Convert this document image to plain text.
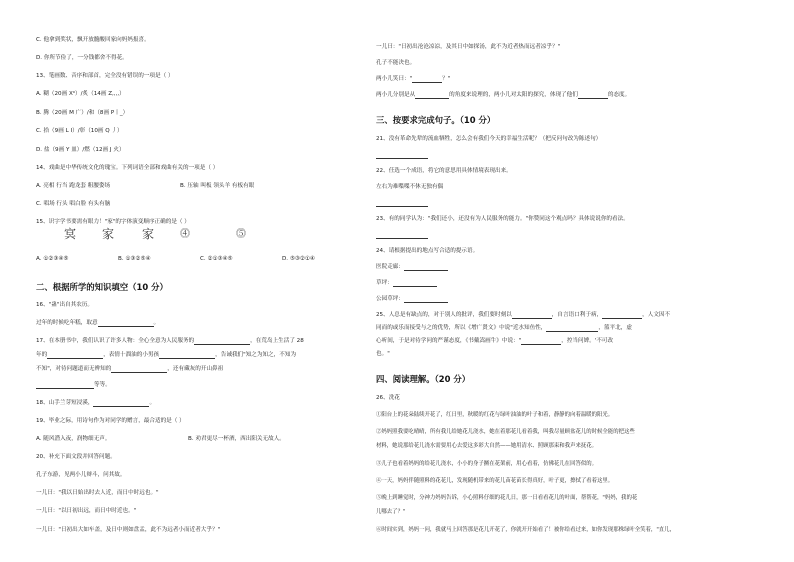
C. 他拿到奖状，飘开放髓酸回家向妈妈报喜。
D. 你所节俭了，一分钱都舍不得花。
13、笔画数、音序和部首，完全没有错误的一项是（ ）
A. 糊（20画 X⁰）/炙（14画 Z,,,,）
B. 腾（20画 M 广）/和（8画 P丨_）
C. 拾（9画 L I）/彰（10画 Q 丿）
D. 盐（9画 Y 皿）/燃（12画 J 火）
14、戏曲是中华传统文化的瑰宝。下列词语全部和戏曲有关的一项是（ ）
A. 亮相 行当 跑龙套 粗腰姿场	B. 压轴 叫板 领头羊 有板有眼
C. 唱场 行头 唱白脸 有头有脑
15、识字学书要需有眼力！"家"的字体演变顺序正确的是（ ）
㝠 家 家	⓸	⓹
A. ①②③④⑤	B. ①③②⑤④	C. ②①③④⑤	D. ⑤③②①④
二、根据所学的知识填空（10 分）
16、"蛊"出自其农历。
过年的时候吃年糕，取意	。
17、在本册书中，我们认识了许多人物：全心全意为人民服务的	，在荒岛上生活了 28
年的	，表情十溜油的小男孩	，告诫我们"知之为知之，不知为
不知"，对待问题道而无辨知的	，还有藏灰的开山鼻祖
等等。
18、山手兰芽短浸溪，	。
19、毕业之际，用诗句作为对同学的赠言，最合适的是（ ）
A. 随风潜入夜，润物细无声。	B. 劝君更尽一杯酒，西出阳关无故人。
20、补充下面文段并回答问题。
孔子东游，见两小儿辩斗，问其故。
一儿曰："我以日始出时去人近，而日中时远也。"
一儿曰："以日初出远，而日中时近也。"
一儿曰："日初出大如车盖，及日中则如盘盂，此不为远者小而近者大乎？"
一儿曰："日初出沧沧凉凉，及其日中如探汤，此不为近者热而远者凉乎？"
孔子不能决也。
两小儿笑曰："	？"
两小儿分别是从	的角度来说理的，两小儿对太阳的探究，体现了他们	的态度。
三、按要求完成句子。（10 分）
21、没有革命先辈的流血牺牲，怎么会有我们今天的幸福生活呢？（把反问句改为陈述句）
22、任选一个成语，将它的意思用具体情境表现出来。
左右为难喋喋不休无独有偶
23、有的同学认为："我们还小，还没有为人民服务的能力。"你赞同这个观点吗？具体说说你的看法。
24、请根据提出的地点写合适的提示语。
医院走廊：
草坪：
公园草坪：
25、人总是有缺点的，对于别人的批评，我们要时刻以	，自言语口利于病，	，人文因不
同而的或乐而接受与之的优势，所以《增广贤文》中说"近水知鱼性，	，篮平北，虚
心听间，于是对待学问的严谨态度，《书戴嵩画牛》中说："	，控当问婢。'不可改
也。"
四、阅读理解。（20 分）
26、洗花
①阳台上的花朵陆续开花了，红日里，秋暖的红花与绿叶油油的叶子和着，静静的向着温暖的阳光。
②妈妈照我要吃晴晴，所有我儿给她花儿浇水，她在着那花儿看着我，叫我尽量顾盆花儿的时候全能的把这些
材料，她说那给花儿浇水需要用心去爱这多彩大自然——她用清水、照顾那束和我声来抚花。
③儿子也看着妈妈的给花儿浇水，小小的身子撅在花架前，用心看着，仿佛花儿在回答似的。
④一天，妈妈伴随照料的花花儿，发现随机带来的花儿苗花苗长得真好，叶子更，擦拭了看着这里。
⑤晚上到睡觉时，分神力妈妈告诉，小心照料仔细的花儿日，那一日看看花儿的叶面，帮帮花，"妈妈，我的花
儿哪去了？"
⑥时间实到，妈妈一问，我就马上回答那是花儿开花了，你就开开始看了！被你给看过来，如你发现那株绿叶全笑着，"直儿，
